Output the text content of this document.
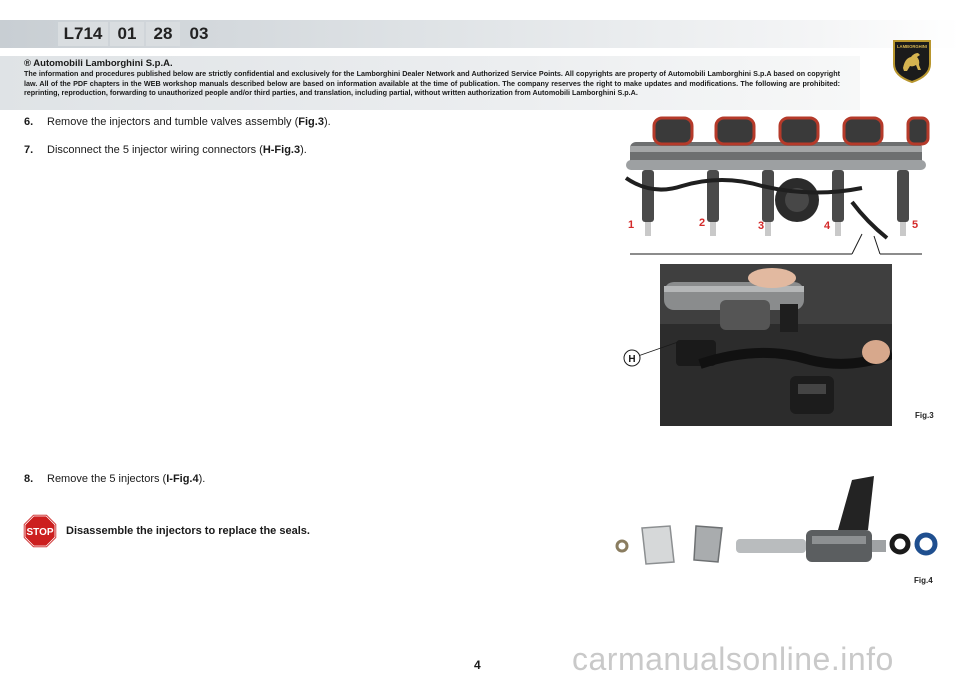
L714 01	28	03
LAMBORGHINI
® Automobili Lamborghini S.p.A.
The information and procedures published below are strictly confidential and exclusively for the Lamborghini Dealer Network and Authorized Service Points. All copyrights are property of Automobili Lamborghini S.p.A based on copyright law. All of the PDF chapters in the WEB workshop manuals described below are based on information available at the time of publication. The company reserves the right to make updates and modifications. The following are prohibited: reprinting, reproduction, forwarding to unauthorized people and/or third parties, and translation, including partial, without written authorization from Automobili Lamborghini S.p.A.
6.	Remove the injectors and tumble valves assembly (Fig.3).
7.	Disconnect the 5 injector wiring connectors (H-Fig.3).
8.	Remove the 5 injectors (I-Fig.4).
STOP Disassemble the injectors to replace the seals.
1	2	3	4	5
H
Fig.3
Fig.4
4	carmanualsonline.info
